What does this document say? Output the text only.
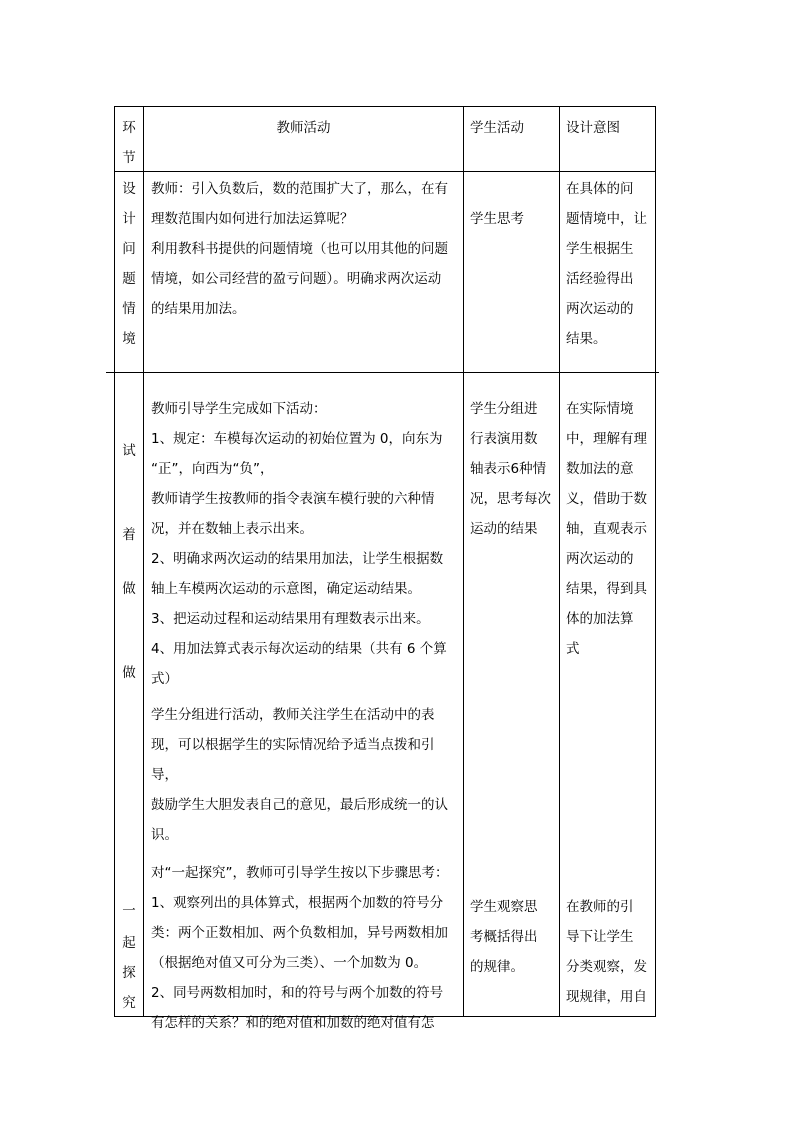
环

节

教师活动	学生活动	设计意图

设

计

问

题

情

境

教师：引入负数后，数的范围扩大了，那么，在有

理数范围内如何进行加法运算呢？

利用教科书提供的问题情境（也可以用其他的问题

情境，如公司经营的盈亏问题）。明确求两次运动

的结果用加法。

学生思考

在具体的问

题情境中，让

学生根据生

活经验得出

两次运动的

结果。

试

着

做

做

一

起

探

究

教师引导学生完成如下活动：

1、规定：车模每次运动的初始位置为 0，向东为

“正”，向西为“负”，

教师请学生按教师的指令表演车模行驶的六种情

况，并在数轴上表示出来。

2、明确求两次运动的结果用加法，让学生根据数

轴上车模两次运动的示意图，确定运动结果。

3、把运动过程和运动结果用有理数表示出来。

4、用加法算式表示每次运动的结果（共有 6 个算

式）

学生分组进行活动，教师关注学生在活动中的表

现，可以根据学生的实际情况给予适当点拨和引导，

鼓励学生大胆发表自己的意见，最后形成统一的认

识。

对“一起探究”，教师可引导学生按以下步骤思考：

1、观察列出的具体算式，根据两个加数的符号分

类：两个正数相加、两个负数相加，异号两数相加

（根据绝对值又可分为三类）、一个加数为 0。

2、同号两数相加时，和的符号与两个加数的符号

有怎样的关系？和的绝对值和加数的绝对值有怎

学生分组进

行表演用数

轴表示6种情

况，思考每次

运动的结果

学生观察思

考概括得出

的规律。

在实际情境

中，理解有理

数加法的意

义，借助于数

轴，直观表示

两次运动的

结果，得到具

体的加法算

式

在教师的引

导下让学生

分类观察，发

现规律，用自
